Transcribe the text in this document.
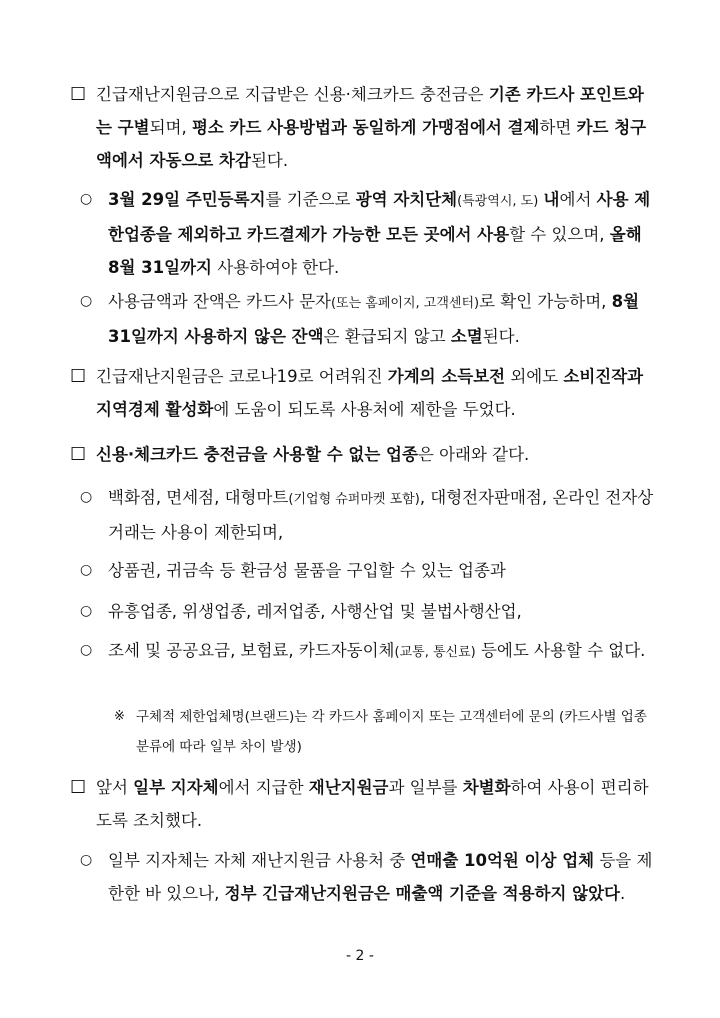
☐ 긴급재난지원금으로 지급받은 신용·체크카드 충전금은 기존 카드사 포인트와는 구별되며, 평소 카드 사용방법과 동일하게 가맹점에서 결제하면 카드 청구액에서 자동으로 차감된다.
○ 3월 29일 주민등록지를 기준으로 광역 자치단체(특광역시, 도) 내에서 사용 제한업종을 제외하고 카드결제가 가능한 모든 곳에서 사용할 수 있으며, 올해 8월 31일까지 사용하여야 한다.
○ 사용금액과 잔액은 카드사 문자(또는 홈페이지, 고객센터)로 확인 가능하며, 8월 31일까지 사용하지 않은 잔액은 환급되지 않고 소멸된다.
☐ 긴급재난지원금은 코로나19로 어려워진 가계의 소득보전 외에도 소비진작과 지역경제 활성화에 도움이 되도록 사용처에 제한을 두었다.
☐ 신용·체크카드 충전금을 사용할 수 없는 업종은 아래와 같다.
○ 백화점, 면세점, 대형마트(기업형 슈퍼마켓 포함), 대형전자판매점, 온라인 전자상거래는 사용이 제한되며,
○ 상품권, 귀금속 등 환금성 물품을 구입할 수 있는 업종과
○ 유흥업종, 위생업종, 레저업종, 사행산업 및 불법사행산업,
○ 조세 및 공공요금, 보험료, 카드자동이체(교통, 통신료) 등에도 사용할 수 없다.
※ 구체적 제한업체명(브랜드)는 각 카드사 홈페이지 또는 고객센터에 문의 (카드사별 업종 분류에 따라 일부 차이 발생)
☐ 앞서 일부 지자체에서 지급한 재난지원금과 일부를 차별화하여 사용이 편리하도록 조치했다.
○ 일부 지자체는 자체 재난지원금 사용처 중 연매출 10억원 이상 업체 등을 제한한 바 있으나, 정부 긴급재난지원금은 매출액 기준을 적용하지 않았다.
- 2 -
